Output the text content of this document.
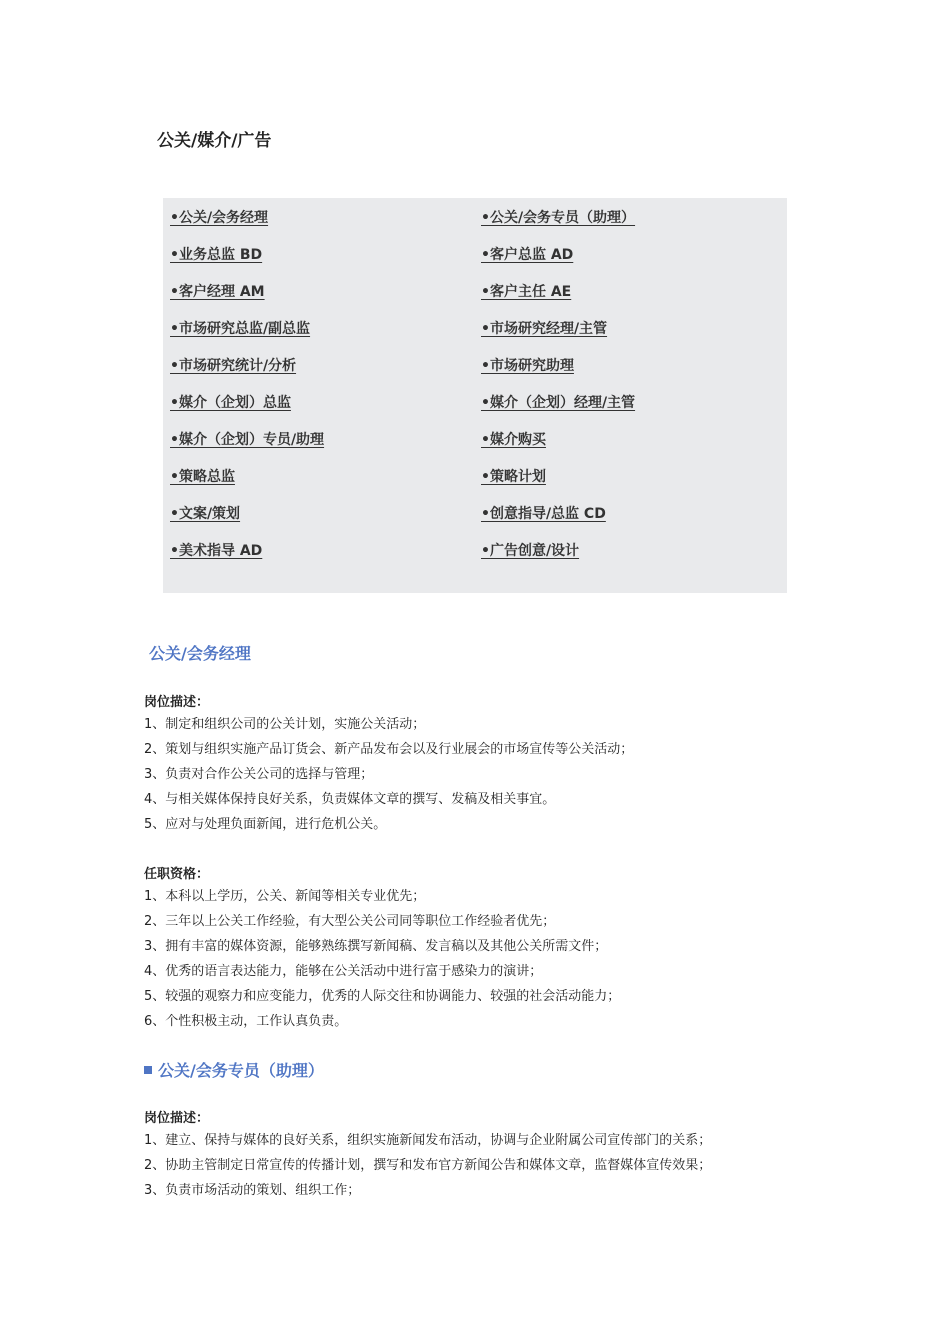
公关/媒介/广告
•公关/会务经理	•公关/会务专员（助理）
•业务总监 BD	•客户总监 AD
•客户经理 AM	•客户主任 AE
•市场研究总监/副总监	•市场研究经理/主管
•市场研究统计/分析	•市场研究助理
•媒介（企划）总监	•媒介（企划）经理/主管
•媒介（企划）专员/助理	•媒介购买
•策略总监	•策略计划
•文案/策划	•创意指导/总监 CD
•美术指导 AD	•广告创意/设计
公关/会务经理
岗位描述：
1、制定和组织公司的公关计划，实施公关活动；
2、策划与组织实施产品订货会、新产品发布会以及行业展会的市场宣传等公关活动；
3、负责对合作公关公司的选择与管理；
4、与相关媒体保持良好关系，负责媒体文章的撰写、发稿及相关事宜。
5、应对与处理负面新闻，进行危机公关。
任职资格：
1、本科以上学历，公关、新闻等相关专业优先；
2、三年以上公关工作经验，有大型公关公司同等职位工作经验者优先；
3、拥有丰富的媒体资源，能够熟练撰写新闻稿、发言稿以及其他公关所需文件；
4、优秀的语言表达能力，能够在公关活动中进行富于感染力的演讲；
5、较强的观察力和应变能力，优秀的人际交往和协调能力、较强的社会活动能力；
6、个性积极主动，工作认真负责。
公关/会务专员（助理）
岗位描述：
1、建立、保持与媒体的良好关系，组织实施新闻发布活动，协调与企业附属公司宣传部门的关系；
2、协助主管制定日常宣传的传播计划，撰写和发布官方新闻公告和媒体文章，监督媒体宣传效果；
3、负责市场活动的策划、组织工作；
